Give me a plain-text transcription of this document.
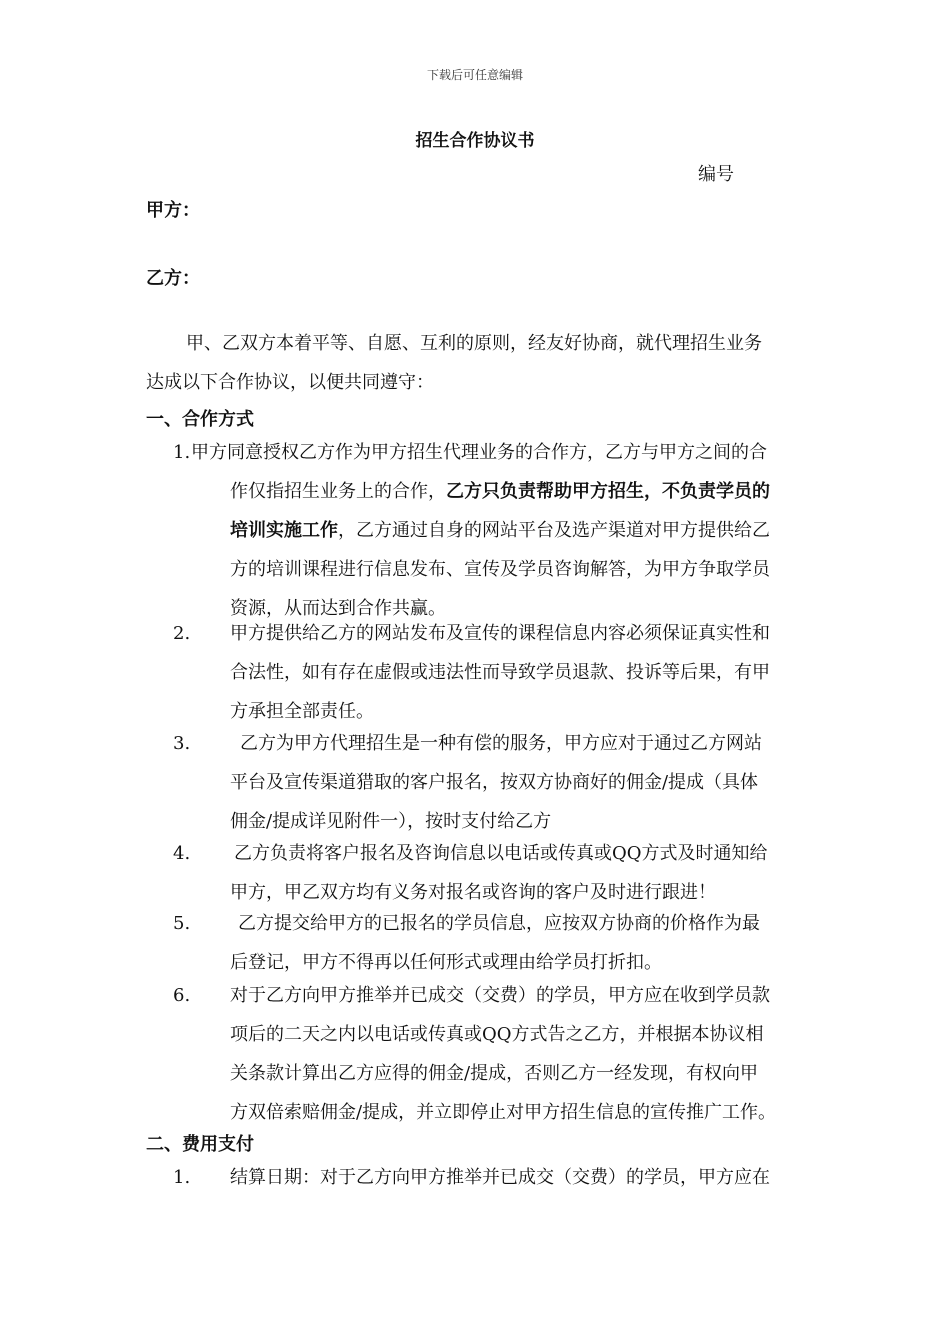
下载后可任意编辑
招生合作协议书
编号
甲方：
乙方：
甲、乙双方本着平等、自愿、互利的原则，经友好协商，就代理招生业务
达成以下合作协议，以便共同遵守：
一、合作方式
1. 甲方同意授权乙方作为甲方招生代理业务的合作方，乙方与甲方之间的合
作仅指招生业务上的合作，乙方只负责帮助甲方招生，不负责学员的
培训实施工作，乙方通过自身的网站平台及选产渠道对甲方提供给乙
方的培训课程进行信息发布、宣传及学员咨询解答，为甲方争取学员
资源，从而达到合作共赢。
2. 甲方提供给乙方的网站发布及宣传的课程信息内容必须保证真实性和
合法性，如有存在虚假或违法性而导致学员退款、投诉等后果，有甲
方承担全部责任。
3.	乙方为甲方代理招生是一种有偿的服务，甲方应对于通过乙方网站
平台及宣传渠道猎取的客户报名，按双方协商好的佣金/提成（具体
佣金/提成详见附件一），按时支付给乙方
4. 乙方负责将客户报名及咨询信息以电话或传真或QQ方式及时通知给
甲方，甲乙双方均有义务对报名或咨询的客户及时进行跟进！
5.	乙方提交给甲方的已报名的学员信息，应按双方协商的价格作为最
后登记，甲方不得再以任何形式或理由给学员打折扣。
6. 对于乙方向甲方推举并已成交（交费）的学员，甲方应在收到学员款
项后的二天之内以电话或传真或QQ方式告之乙方，并根据本协议相
关条款计算出乙方应得的佣金/提成，否则乙方一经发现，有权向甲
方双倍索赔佣金/提成，并立即停止对甲方招生信息的宣传推广工作。
二、费用支付
1. 结算日期：对于乙方向甲方推举并已成交（交费）的学员，甲方应在
